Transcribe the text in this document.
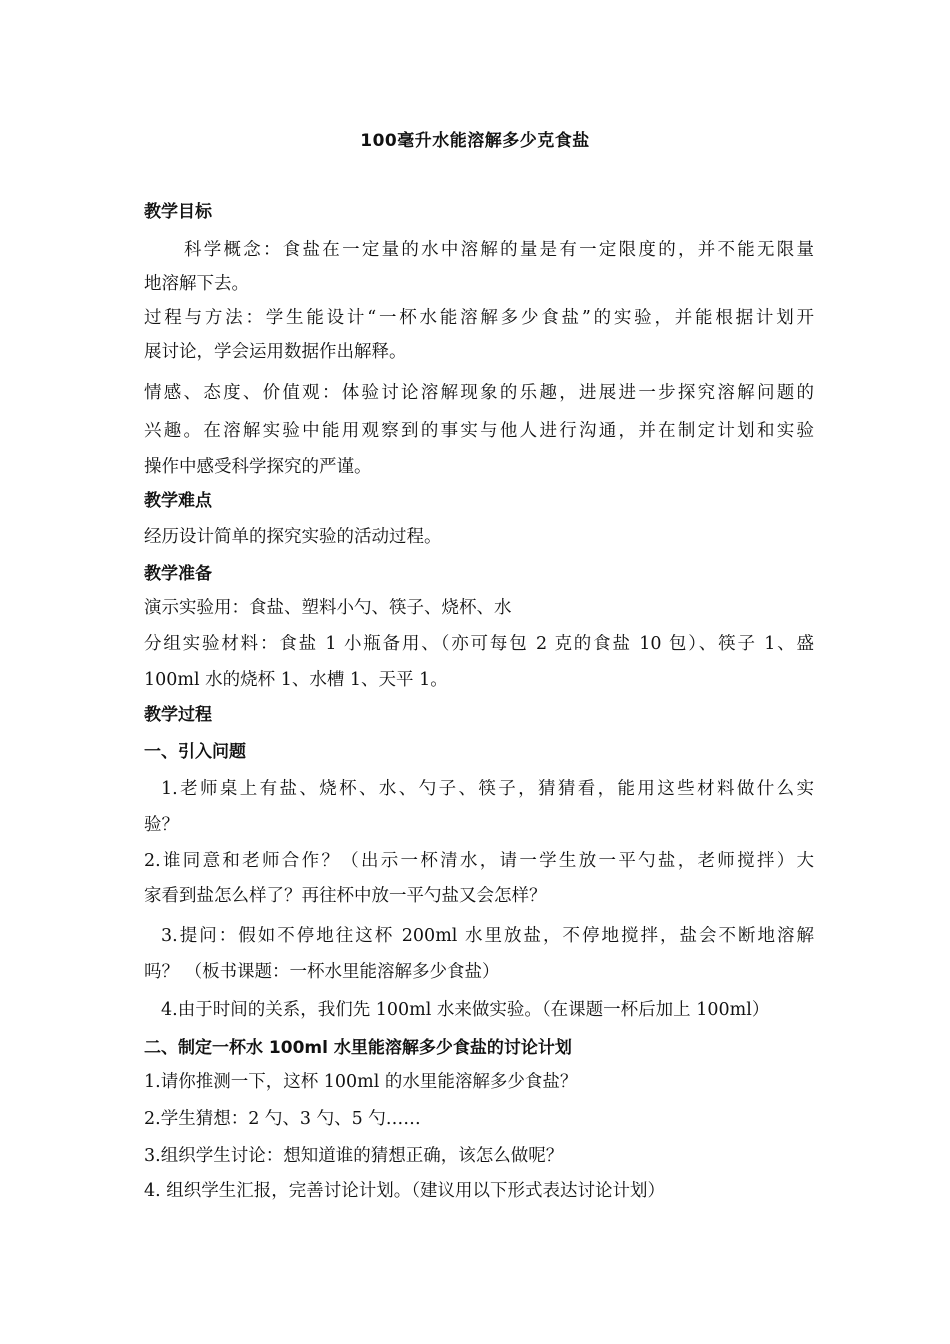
100毫升水能溶解多少克食盐
教学目标
科学概念：食盐在一定量的水中溶解的量是有一定限度的，并不能无限量
地溶解下去。
过程与方法：学生能设计“一杯水能溶解多少食盐”的实验，并能根据计划开
展讨论，学会运用数据作出解释。
情感、态度、价值观：体验讨论溶解现象的乐趣，进展进一步探究溶解问题的
兴趣。在溶解实验中能用观察到的事实与他人进行沟通，并在制定计划和实验
操作中感受科学探究的严谨。
教学难点
经历设计简单的探究实验的活动过程。
教学准备
演示实验用：食盐、塑料小勺、筷子、烧杯、水
分组实验材料：食盐 1 小瓶备用、（亦可每包 2 克的食盐 10 包）、筷子 1、盛
100ml 水的烧杯 1、水槽 1、天平 1。
教学过程
一、引入问题
1.老师桌上有盐、烧杯、水、勺子、筷子，猜猜看，能用这些材料做什么实
验？
2.谁同意和老师合作？（出示一杯清水，请一学生放一平勺盐，老师搅拌）大
家看到盐怎么样了？再往杯中放一平勺盐又会怎样？
3.提问：假如不停地往这杯 200ml 水里放盐，不停地搅拌，盐会不断地溶解
吗？ （板书课题：一杯水里能溶解多少食盐）
4.由于时间的关系，我们先 100ml 水来做实验。（在课题一杯后加上 100ml）
二、制定一杯水 100ml 水里能溶解多少食盐的讨论计划
1.请你推测一下，这杯 100ml 的水里能溶解多少食盐？
2.学生猜想：2 勺、3 勺、5 勺……
3.组织学生讨论：想知道谁的猜想正确，该怎么做呢？
4. 组织学生汇报，完善讨论计划。（建议用以下形式表达讨论计划）
